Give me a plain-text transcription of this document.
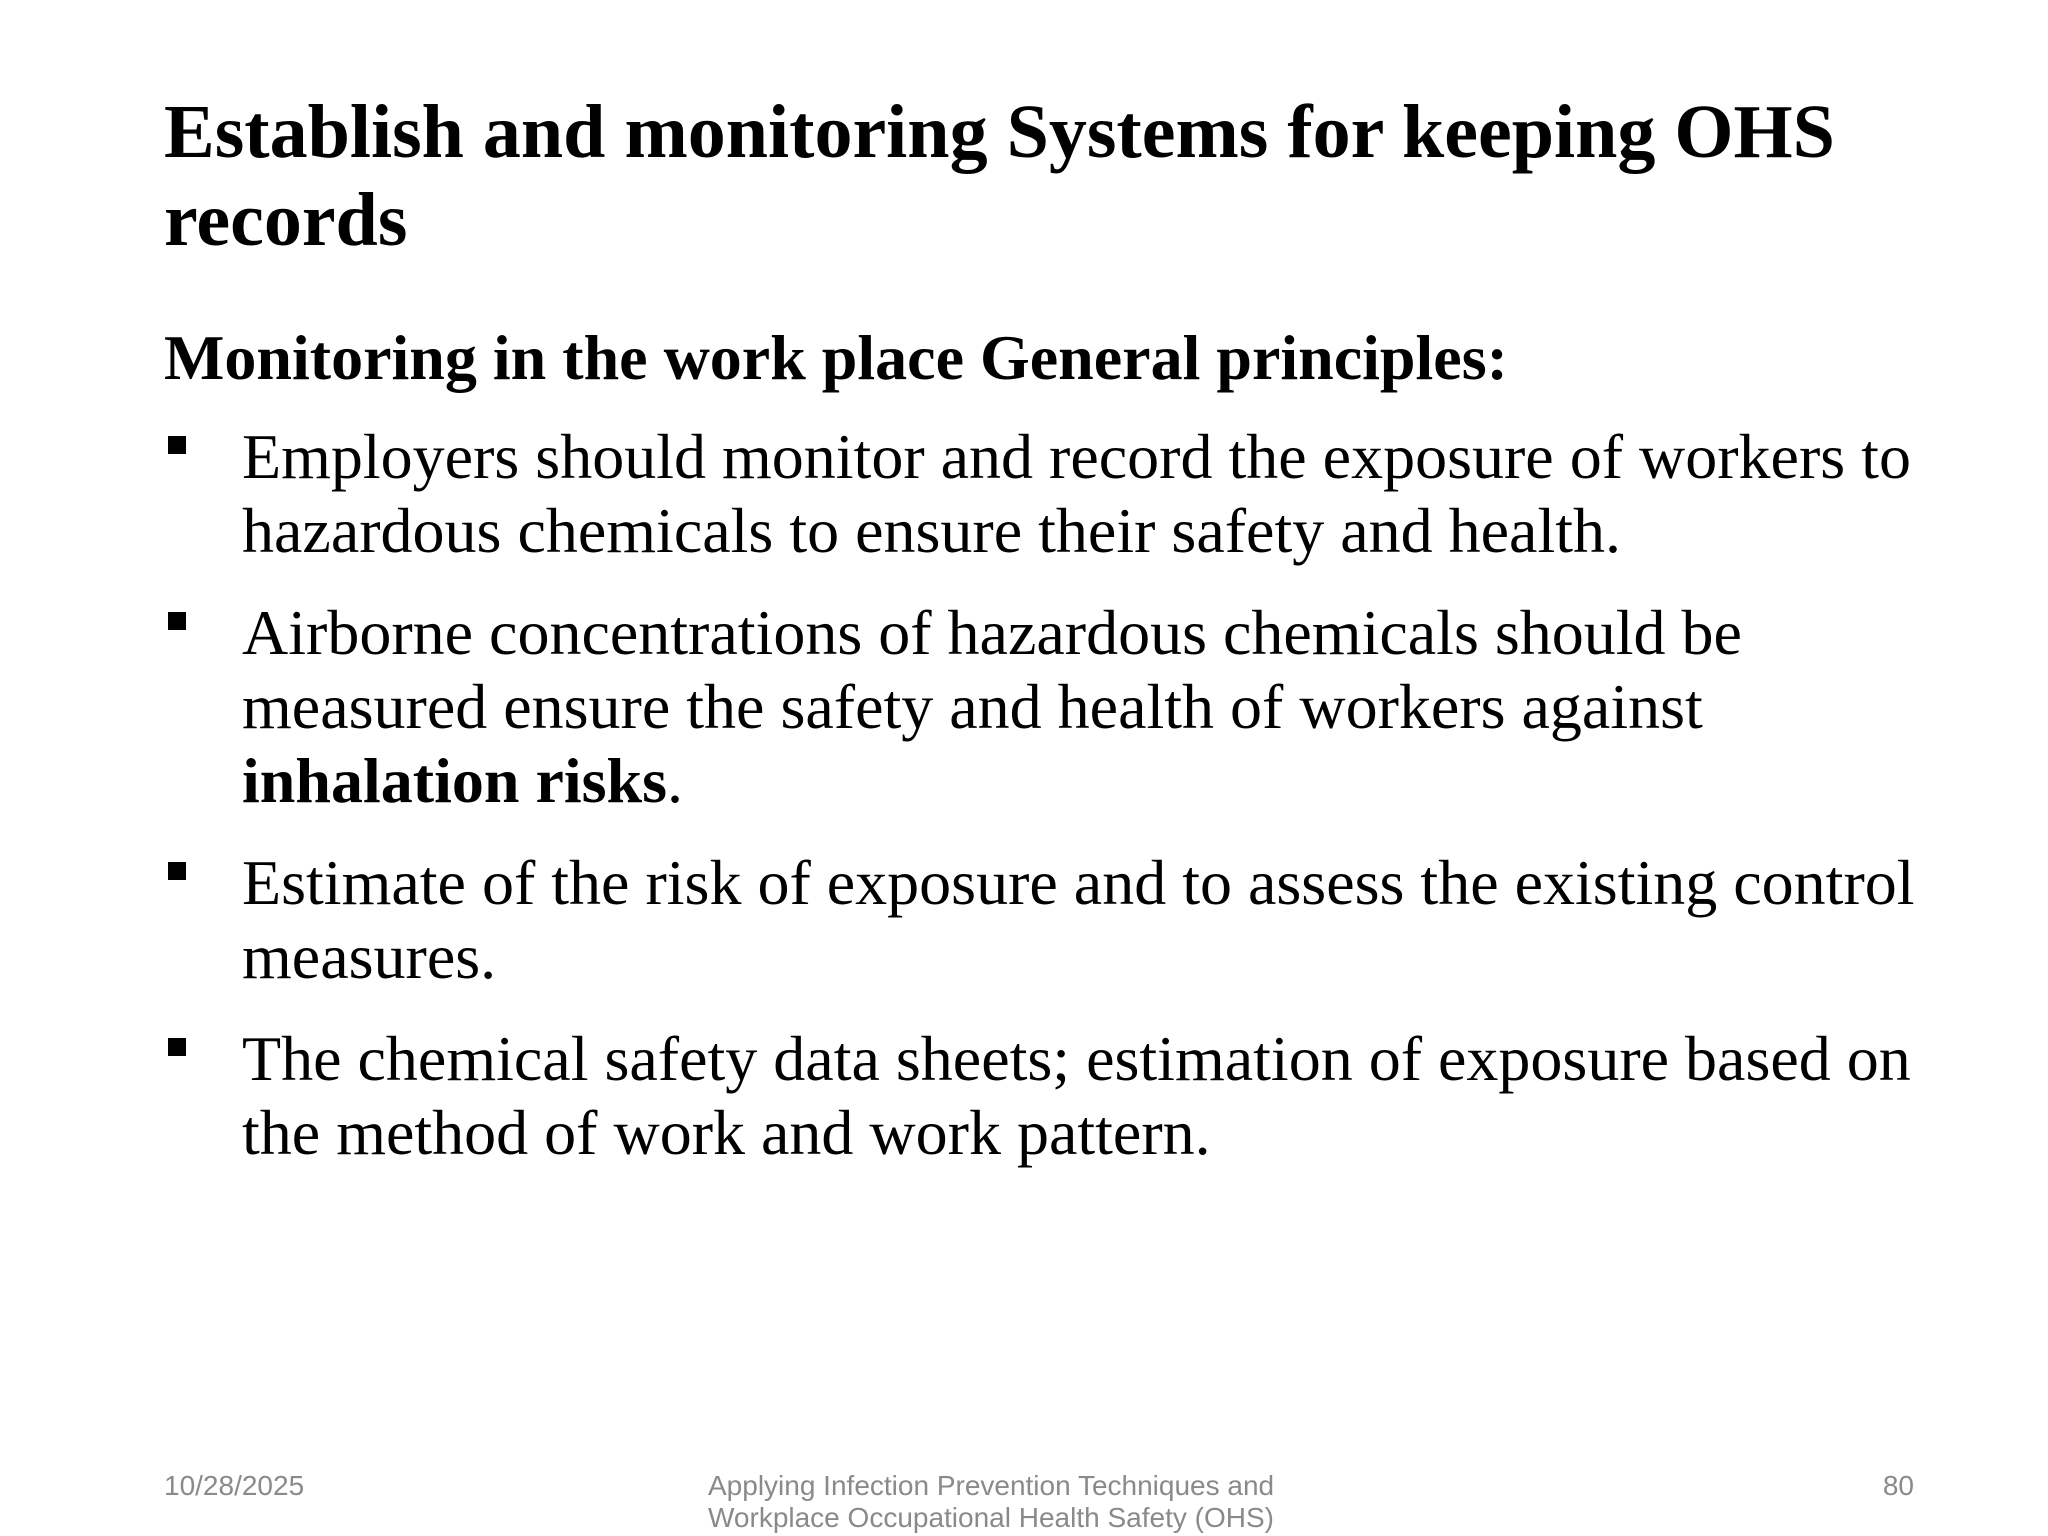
Establish and monitoring Systems for keeping OHS records

Monitoring in the work place General principles:

Employers should monitor and record the exposure of workers to hazardous chemicals to ensure their safety and health.
Airborne concentrations of hazardous chemicals should be measured ensure the safety and health of workers against inhalation risks.
Estimate of the risk of exposure and to assess the existing control measures.
The chemical safety data sheets; estimation of exposure based on the method of work and work pattern.
10/28/2025	Applying Infection Prevention Techniques and Workplace Occupational Health Safety (OHS)
80
